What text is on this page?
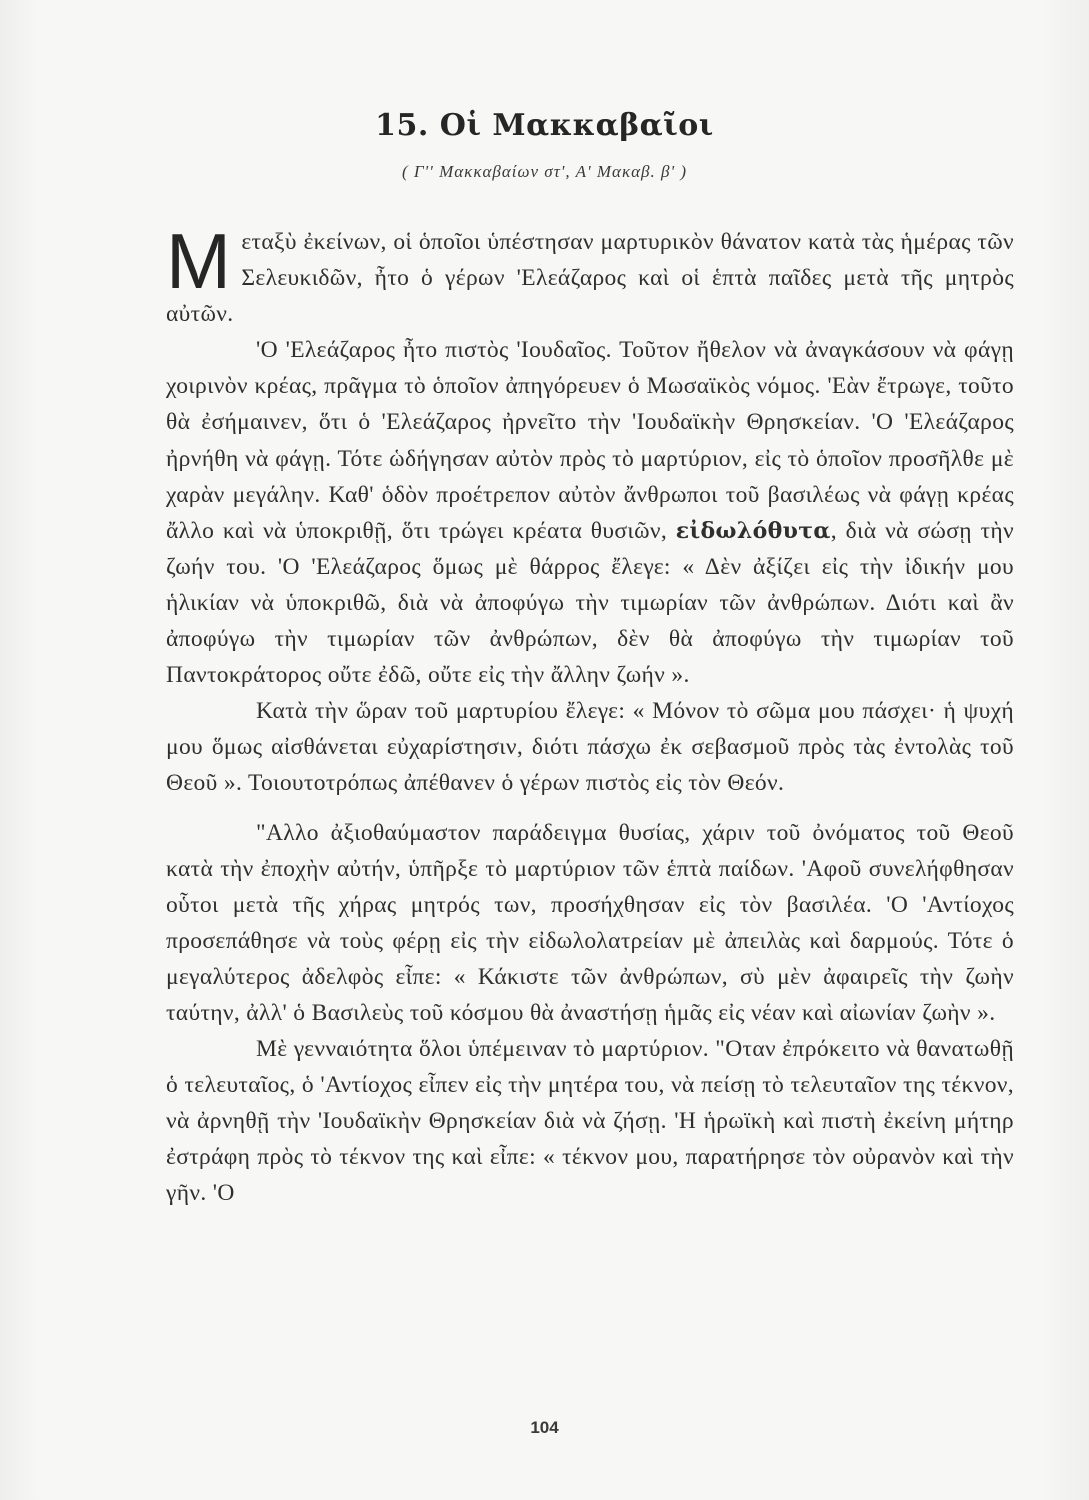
15. Οἱ Μακκαβαῖοι
( Γ'' Μακκαβαίων στ', Α' Μακαβ. β' )

Μεταξὺ ἐκείνων, οἱ ὁποῖοι ὑπέστησαν μαρτυρικὸν θάνατον κατὰ τὰς ἡμέρας τῶν Σελευκιδῶν, ἦτο ὁ γέρων 'Ελεάζαρος καὶ οἱ ἑπτὰ παῖδες μετὰ τῆς μητρὸς αὐτῶν.

'Ο 'Ελεάζαρος ἦτο πιστὸς 'Ιουδαῖος. Τοῦτον ἤθελον νὰ ἀναγκάσουν νὰ φάγῃ χοιρινὸν κρέας, πρᾶγμα τὸ ὁποῖον ἀπηγόρευεν ὁ Μωσαϊκὸς νόμος. 'Εὰν ἔτρωγε, τοῦτο θὰ ἐσήμαινεν, ὅτι ὁ 'Ελεάζαρος ἠρνεῖτο τὴν 'Ιουδαϊκὴν Θρησκείαν. 'Ο 'Ελεάζαρος ἠρνήθη νὰ φάγῃ. Τότε ὡδήγησαν αὐτὸν πρὸς τὸ μαρτύριον, εἰς τὸ ὁποῖον προσῆλθε μὲ χαρὰν μεγάλην. Καθ' ὁδὸν προέτρεπον αὐτὸν ἄνθρωποι τοῦ βασιλέως νὰ φάγῃ κρέας ἄλλο καὶ νὰ ὑποκριθῇ, ὅτι τρώγει κρέατα θυσιῶν, εἰδωλόθυτα, διὰ νὰ σώσῃ τὴν ζωήν του. 'Ο 'Ελεάζαρος ὅμως μὲ θάρρος ἔλεγε: « Δὲν ἀξίζει εἰς τὴν ἰδικήν μου ἡλικίαν νὰ ὑποκριθῶ, διὰ νὰ ἀποφύγω τὴν τιμωρίαν τῶν ἀνθρώπων. Διότι καὶ ἂν ἀποφύγω τὴν τιμωρίαν τῶν ἀνθρώπων, δὲν θὰ ἀποφύγω τὴν τιμωρίαν τοῦ Παντοκράτορος οὔτε ἐδῶ, οὔτε εἰς τὴν ἄλλην ζωήν ».

Κατὰ τὴν ὥραν τοῦ μαρτυρίου ἔλεγε: « Μόνον τὸ σῶμα μου πάσχει· ἡ ψυχή μου ὅμως αἰσθάνεται εὐχαρίστησιν, διότι πάσχω ἐκ σεβασμοῦ πρὸς τὰς ἐντολὰς τοῦ Θεοῦ ». Τοιουτοτρόπως ἀπέθανεν ὁ γέρων πιστὸς εἰς τὸν Θεόν.

"Αλλο ἀξιοθαύμαστον παράδειγμα θυσίας, χάριν τοῦ ὀνόματος τοῦ Θεοῦ κατὰ τὴν ἐποχὴν αὐτήν, ὑπῆρξε τὸ μαρτύριον τῶν ἑπτὰ παίδων. 'Αφοῦ συνελήφθησαν οὗτοι μετὰ τῆς χήρας μητρός των, προσήχθησαν εἰς τὸν βασιλέα. 'Ο 'Αντίοχος προσεπάθησε νὰ τοὺς φέρῃ εἰς τὴν εἰδωλολατρείαν μὲ ἀπειλὰς καὶ δαρμούς. Τότε ὁ μεγαλύτερος ἀδελφὸς εἶπε: « Κάκιστε τῶν ἀνθρώπων, σὺ μὲν ἀφαιρεῖς τὴν ζωὴν ταύτην, ἀλλ' ὁ Βασιλεὺς τοῦ κόσμου θὰ ἀναστήσῃ ἡμᾶς εἰς νέαν καὶ αἰωνίαν ζωὴν ».

Μὲ γενναιότητα ὅλοι ὑπέμειναν τὸ μαρτύριον. "Οταν ἐπρόκειτο νὰ θανατωθῇ ὁ τελευταῖος, ὁ 'Αντίοχος εἶπεν εἰς τὴν μητέρα του, νὰ πείσῃ τὸ τελευταῖον της τέκνον, νὰ ἀρνηθῇ τὴν 'Ιουδαϊκὴν Θρησκείαν διὰ νὰ ζήσῃ. 'Η ἡρωϊκὴ καὶ πιστὴ ἐκείνη μήτηρ ἐστράφη πρὸς τὸ τέκνον της καὶ εἶπε: « τέκνον μου, παρατήρησε τὸν οὐρανὸν καὶ τὴν γῆν. 'Ο

104
